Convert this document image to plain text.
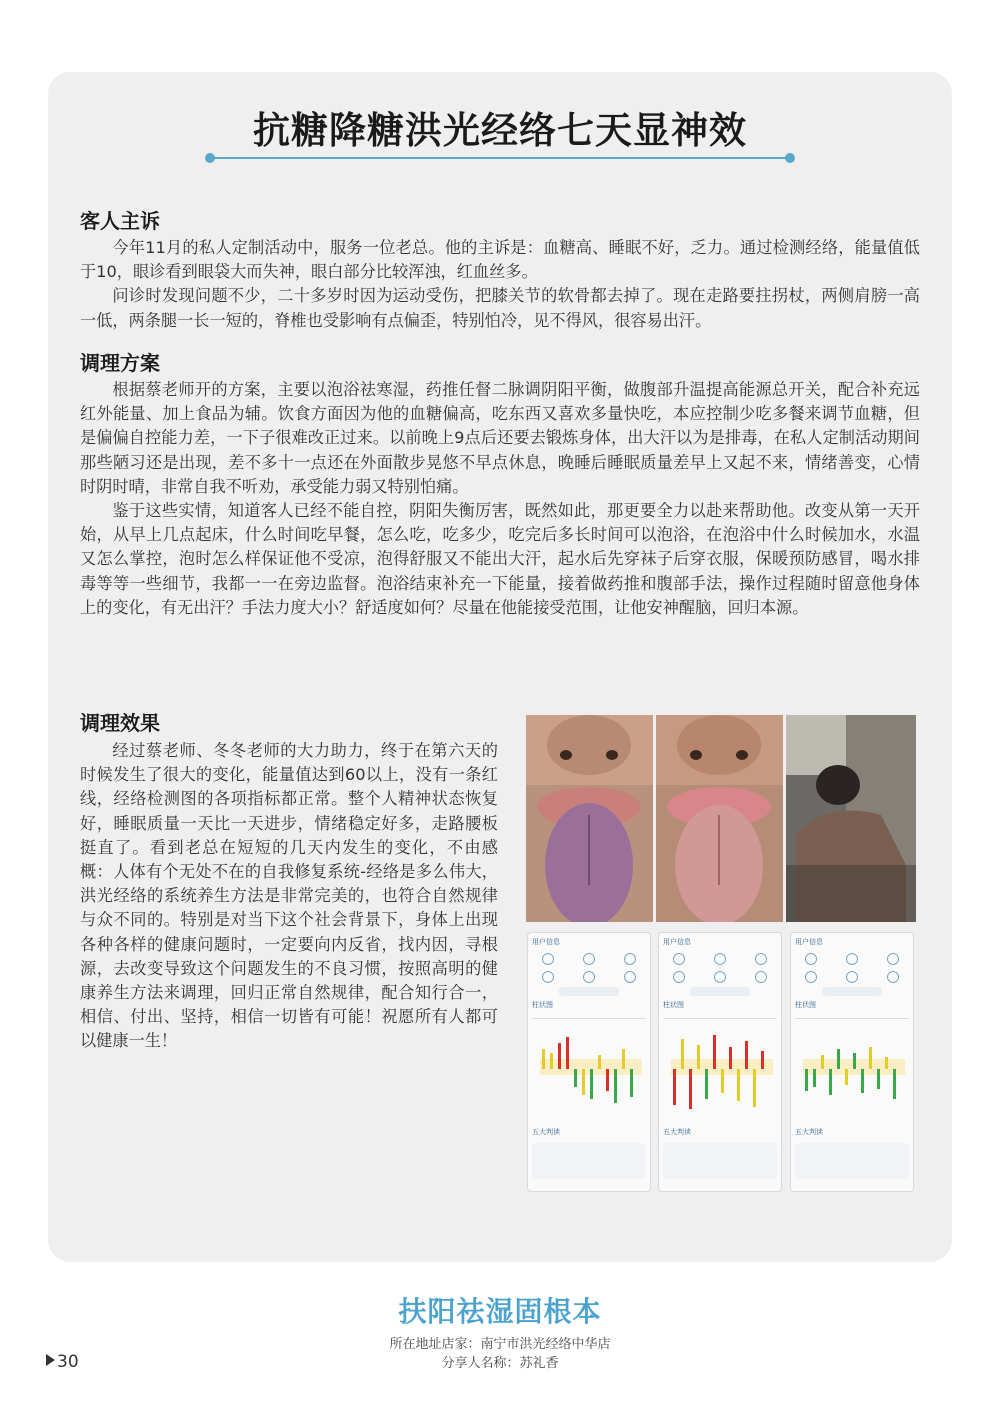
抗糖降糖洪光经络七天显神效
客人主诉

今年11月的私人定制活动中，服务一位老总。他的主诉是：血糖高、睡眠不好，乏力。通过检测经络，能量值低于10，眼诊看到眼袋大而失神，眼白部分比较浑浊，红血丝多。

问诊时发现问题不少，二十多岁时因为运动受伤，把膝关节的软骨都去掉了。现在走路要拄拐杖，两侧肩膀一高一低，两条腿一长一短的，脊椎也受影响有点偏歪，特别怕冷，见不得风，很容易出汗。

调理方案

根据蔡老师开的方案，主要以泡浴祛寒湿，药推任督二脉调阴阳平衡，做腹部升温提高能源总开关，配合补充远红外能量、加上食品为辅。饮食方面因为他的血糖偏高，吃东西又喜欢多量快吃，本应控制少吃多餐来调节血糖，但是偏偏自控能力差，一下子很难改正过来。以前晚上9点后还要去锻炼身体，出大汗以为是排毒，在私人定制活动期间那些陋习还是出现，差不多十一点还在外面散步晃悠不早点休息，晚睡后睡眠质量差早上又起不来，情绪善变，心情时阴时晴，非常自我不听劝，承受能力弱又特别怕痛。

鉴于这些实情，知道客人已经不能自控，阴阳失衡厉害，既然如此，那更要全力以赴来帮助他。改变从第一天开始，从早上几点起床，什么时间吃早餐，怎么吃，吃多少，吃完后多长时间可以泡浴，在泡浴中什么时候加水，水温又怎么掌控，泡时怎么样保证他不受凉，泡得舒服又不能出大汗，起水后先穿袜子后穿衣服，保暖预防感冒，喝水排毒等等一些细节，我都一一在旁边监督。泡浴结束补充一下能量，接着做药推和腹部手法，操作过程随时留意他身体上的变化，有无出汗？手法力度大小？舒适度如何？尽量在他能接受范围，让他安神醒脑，回归本源。

调理效果

经过蔡老师、冬冬老师的大力助力，终于在第六天的时候发生了很大的变化，能量值达到60以上，没有一条红线，经络检测图的各项指标都正常。整个人精神状态恢复好，睡眠质量一天比一天进步，情绪稳定好多，走路腰板挺直了。看到老总在短短的几天内发生的变化，不由感概：人体有个无处不在的自我修复系统-经络是多么伟大，洪光经络的系统养生方法是非常完美的，也符合自然规律与众不同的。特别是对当下这个社会背景下，身体上出现各种各样的健康问题时，一定要向内反省，找内因，寻根源，去改变导致这个问题发生的不良习惯，按照高明的健康养生方法来调理，回归正常自然规律，配合知行合一，相信、付出、坚持，相信一切皆有可能！祝愿所有人都可以健康一生！

用户信息
柱状图
五大判读
用户信息
柱状图
五大判读
用户信息
柱状图
五大判读
扶阳祛湿固根本
所在地址店家：南宁市洪光经络中华店
分享人名称：苏礼香
30
